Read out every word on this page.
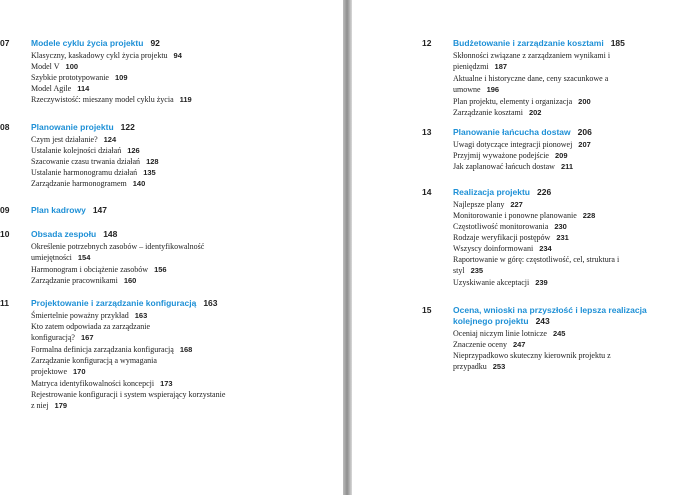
07	Modele cyklu życia projektu 92
Klasyczny, kaskadowy cykl życia projektu 94
Model V 100
Szybkie prototypowanie 109
Model Agile 114
Rzeczywistość: mieszany model cyklu życia 119
08	Planowanie projektu 122
Czym jest działanie? 124
Ustalanie kolejności działań 126
Szacowanie czasu trwania działań 128
Ustalanie harmonogramu działań 135
Zarządzanie harmonogramem 140
09	Plan kadrowy 147
10	Obsada zespołu 148
Określenie potrzebnych zasobów – identyfikowalność umiejętności 154
Harmonogram i obciążenie zasobów 156
Zarządzanie pracownikami 160
11	Projektowanie i zarządzanie konfiguracją 163
Śmiertelnie poważny przykład 163
Kto zatem odpowiada za zarządzanie konfiguracją? 167
Formalna definicja zarządzania konfiguracją 168
Zarządzanie konfiguracją a wymagania projektowe 170
Matryca identyfikowalności koncepcji 173
Rejestrowanie konfiguracji i system wspierający korzystanie z niej 179
12	Budżetowanie i zarządzanie kosztami 185
Skłonności związane z zarządzaniem wynikami i pieniędzmi 187
Aktualne i historyczne dane, ceny szacunkowe a umowne 196
Plan projektu, elementy i organizacja 200
Zarządzanie kosztami 202
13	Planowanie łańcucha dostaw 206
Uwagi dotyczące integracji pionowej 207
Przyjmij wyważone podejście 209
Jak zaplanować łańcuch dostaw 211
14	Realizacja projektu 226
Najlepsze plany 227
Monitorowanie i ponowne planowanie 228
Częstotliwość monitorowania 230
Rodzaje weryfikacji postępów 231
Wszyscy doinformowani 234
Raportowanie w górę: częstotliwość, cel, struktura i styl 235
Uzyskiwanie akceptacji 239
15	Ocena, wnioski na przyszłość i lepsza realizacja kolejnego projektu 243
Oceniaj niczym linie lotnicze 245
Znaczenie oceny 247
Nieprzypadkowo skuteczny kierownik projektu z przypadku 253
